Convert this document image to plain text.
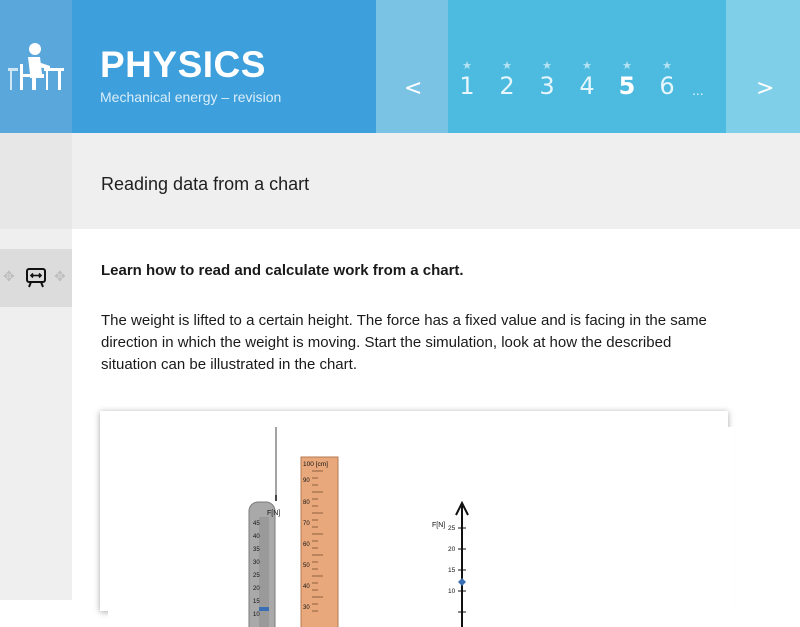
PHYSICS
Mechanical energy – revision	<
★
1
★
2
★
3
★
4
★
5
★
6	... >
Reading data from a chart
✥	✥ Learn how to read and calculate work from a chart.
The weight is lifted to a certain height. The force has a fixed value and is facing in the same direction in which the weight is moving. Start the simulation, look at how the described situation can be illustrated in the chart.
F[N]
45
40
35
30
25
20
15
10
100 [cm]
90
80
70
60
50
40
30
F[N] 25
20
15
10
